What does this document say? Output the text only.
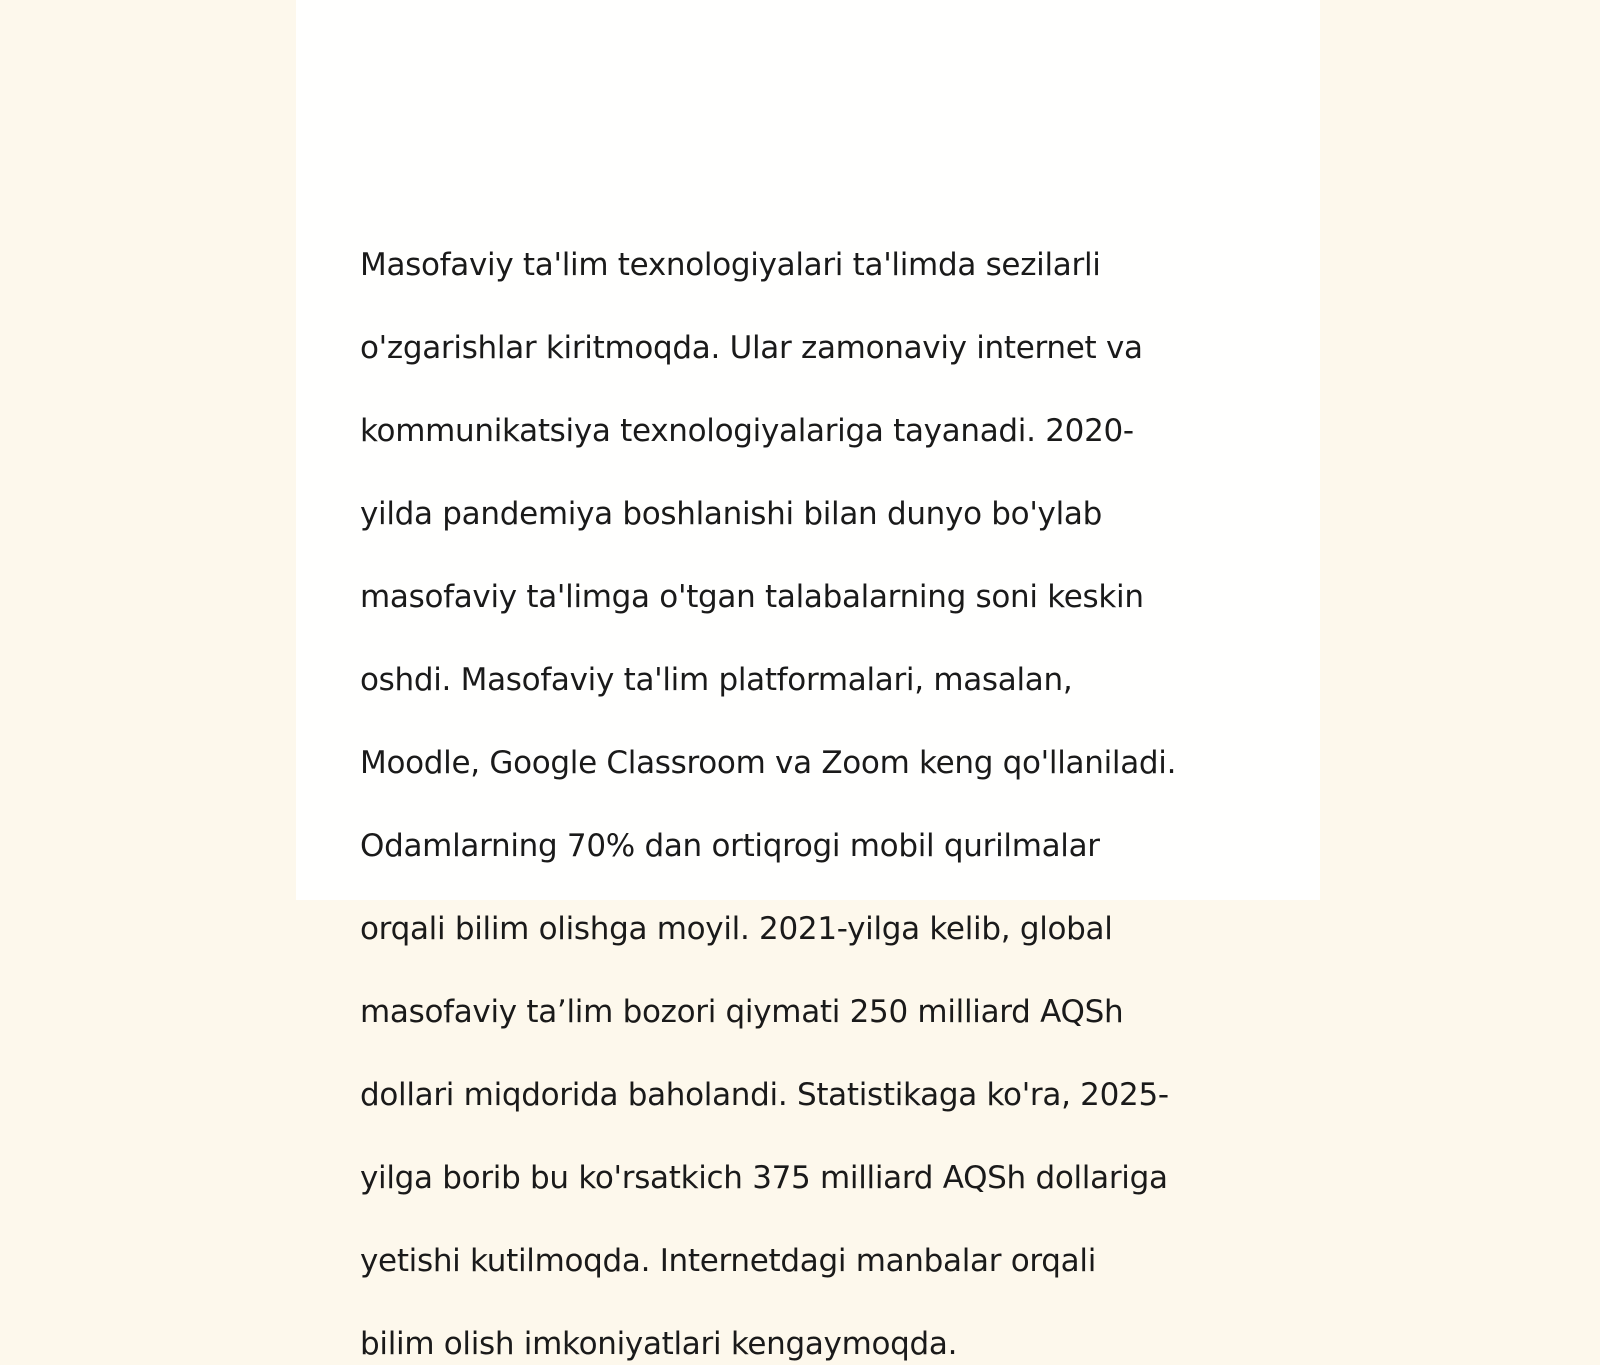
Masofaviy ta'lim texnologiyalari ta'limda sezilarli

o'zgarishlar kiritmoqda. Ular zamonaviy internet va

kommunikatsiya texnologiyalariga tayanadi. 2020-

yilda pandemiya boshlanishi bilan dunyo bo'ylab

masofaviy ta'limga o'tgan talabalarning soni keskin

oshdi. Masofaviy ta'lim platformalari, masalan,

Moodle, Google Classroom va Zoom keng qo'llaniladi.

Odamlarning 70% dan ortiqrogi mobil qurilmalar

orqali bilim olishga moyil. 2021-yilga kelib, global

masofaviy ta’lim bozori qiymati 250 milliard AQSh

dollari miqdorida baholandi. Statistikaga ko'ra, 2025-

yilga borib bu ko'rsatkich 375 milliard AQSh dollariga

yetishi kutilmoqda. Internetdagi manbalar orqali

bilim olish imkoniyatlari kengaymoqda.
